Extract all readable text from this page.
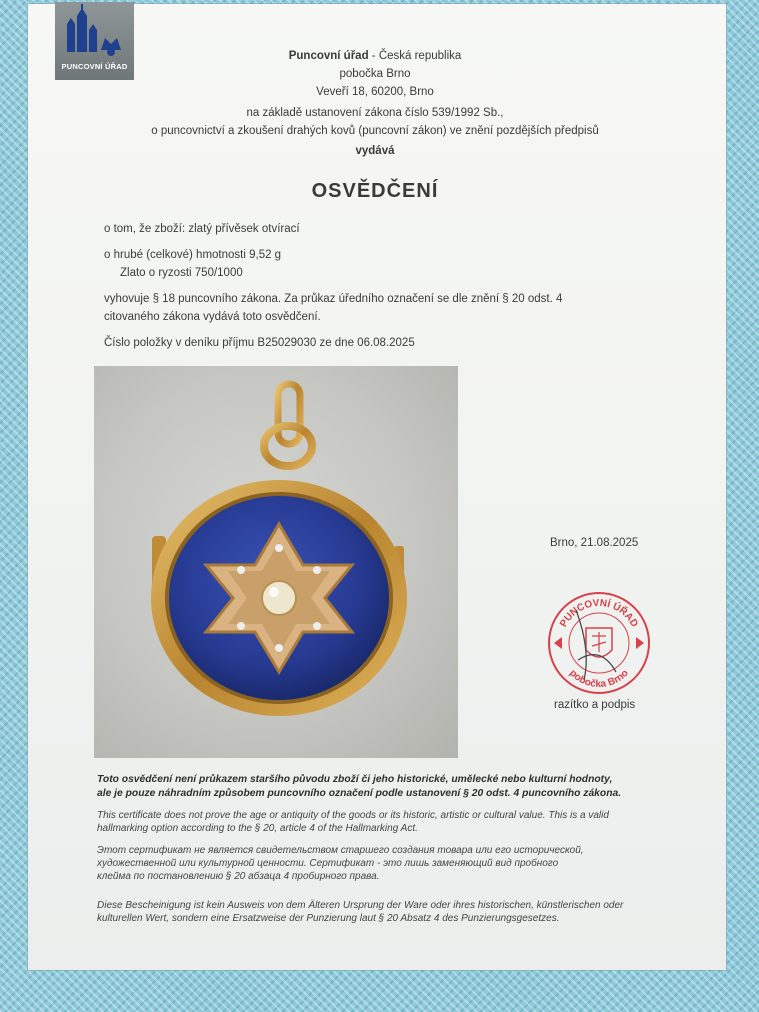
PUNCOVNÍ ÚŘAD
Puncovní úřad - Česká republika
pobočka Brno
Veveří 18, 60200, Brno
na základě ustanovení zákona číslo 539/1992 Sb.,
o puncovnictví a zkoušení drahých kovů (puncovní zákon) ve znění pozdějších předpisů
vydává
OSVĚDČENÍ
o tom, že zboží: zlatý přívěsek otvírací
o hrubé (celkové) hmotnosti 9,52 g
Zlato o ryzosti 750/1000
vyhovuje § 18 puncovního zákona. Za průkaz úředního označení se dle znění § 20 odst. 4
citovaného zákona vydává toto osvědčení.
Číslo položky v deníku příjmu B25029030 ze dne 06.08.2025
Brno, 21.08.2025
PUNCOVNÍ ÚŘAD
pobočka Brno
razítko a podpis
Toto osvědčení není průkazem staršího původu zboží či jeho historické, umělecké nebo kulturní hodnoty,
ale je pouze náhradním způsobem puncovního označení podle ustanovení § 20 odst. 4 puncovního zákona.
This certificate does not prove the age or antiquity of the goods or its historic, artistic or cultural value. This is a valid
hallmarking option according to the § 20, article 4 of the Hallmarking Act.
Этот сертификат не является свидетельством старшего создания товара или его исторической,
художественной или культурной ценности. Сертификат - это лишь заменяющий вид пробного
клейма по постановлению § 20 абзаца 4 пробирного права.
Diese Bescheinigung ist kein Ausweis von dem Älteren Ursprung der Ware oder ihres historischen, künstlerischen oder
kulturellen Wert, sondern eine Ersatzweise der Punzierung laut § 20 Absatz 4 des Punzierungsgesetzes.
